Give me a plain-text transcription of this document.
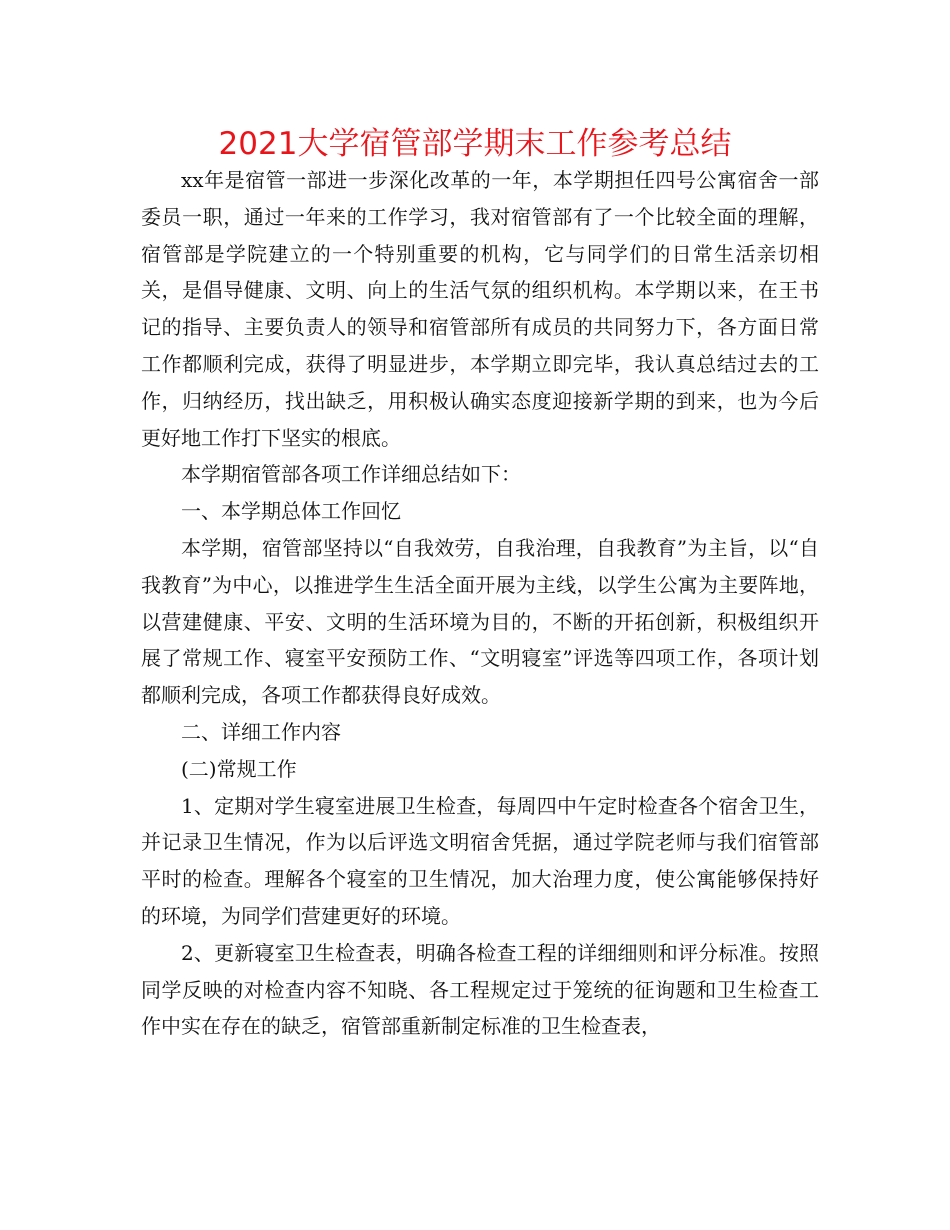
2021大学宿管部学期末工作参考总结

xx年是宿管一部进一步深化改革的一年，本学期担任四号公寓宿舍一部委员一职，通过一年来的工作学习，我对宿管部有了一个比较全面的理解，宿管部是学院建立的一个特别重要的机构，它与同学们的日常生活亲切相关，是倡导健康、文明、向上的生活气氛的组织机构。本学期以来，在王书记的指导、主要负责人的领导和宿管部所有成员的共同努力下，各方面日常工作都顺利完成，获得了明显进步，本学期立即完毕，我认真总结过去的工作，归纳经历，找出缺乏，用积极认确实态度迎接新学期的到来，也为今后更好地工作打下坚实的根底。

本学期宿管部各项工作详细总结如下：

一、本学期总体工作回忆

本学期，宿管部坚持以“自我效劳，自我治理，自我教育”为主旨，以“自我教育”为中心，以推进学生生活全面开展为主线，以学生公寓为主要阵地，以营建健康、平安、文明的生活环境为目的，不断的开拓创新，积极组织开展了常规工作、寝室平安预防工作、“文明寝室”评选等四项工作，各项计划都顺利完成，各项工作都获得良好成效。

二、详细工作内容

(二)常规工作

1、定期对学生寝室进展卫生检查，每周四中午定时检查各个宿舍卫生，并记录卫生情况，作为以后评选文明宿舍凭据，通过学院老师与我们宿管部平时的检查。理解各个寝室的卫生情况，加大治理力度，使公寓能够保持好的环境，为同学们营建更好的环境。

2、更新寝室卫生检查表，明确各检查工程的详细细则和评分标准。按照同学反映的对检查内容不知晓、各工程规定过于笼统的征询题和卫生检查工作中实在存在的缺乏，宿管部重新制定标准的卫生检查表，
